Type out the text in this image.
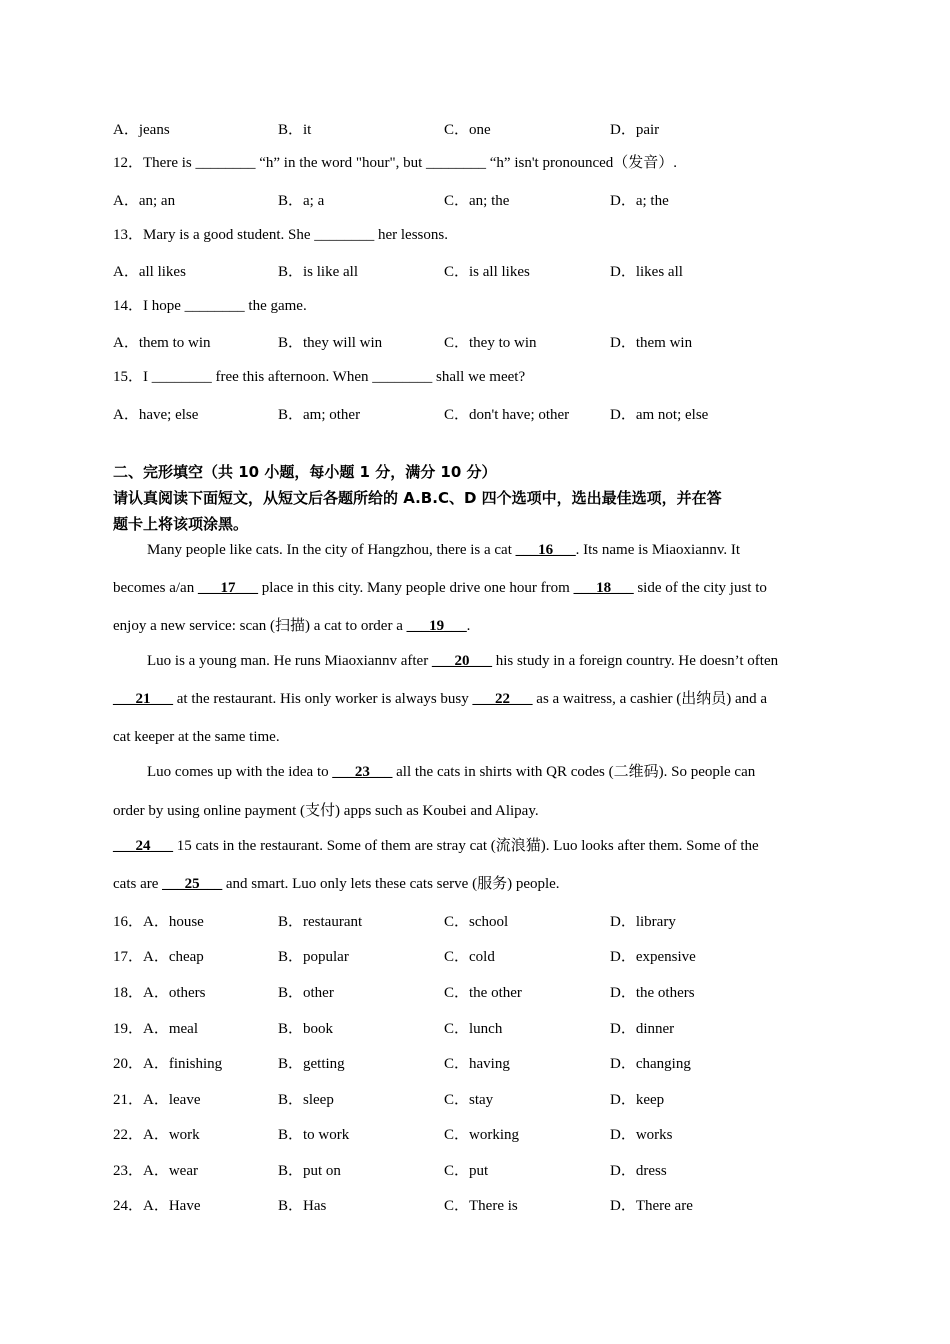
A．jeans	B．it	C．one	D．pair
12．There is ________ “h” in the word "hour", but ________ “h” isn't pronounced（发音）.
A．an; an	B．a; a	C．an; the	D．a; the
13．Mary is a good student. She ________ her lessons.
A．all likes	B．is like all	C．is all likes	D．likes all
14．I hope ________ the game.
A．them to win	B．they will win	C．they to win	D．them win
15．I ________ free this afternoon. When ________ shall we meet?
A．have; else	B．am; other	C．don't have; other	D．am not; else
二、完形填空（共 10 小题，每小题 1 分，满分 10 分）
请认真阅读下面短文，从短文后各题所给的 A.B.C、D 四个选项中，选出最佳选项，并在答
题卡上将该项涂黑。
Many people like cats. In the city of Hangzhou, there is a cat ___16___. Its name is Miaoxiannv. It
becomes a/an ___17___ place in this city. Many people drive one hour from ___18___ side of the city just to
enjoy a new service: scan (扫描) a cat to order a ___19___.
Luo is a young man. He runs Miaoxiannv after ___20___ his study in a foreign country. He doesn’t often
___21___ at the restaurant. His only worker is always busy ___22___ as a waitress, a cashier (出纳员) and a
cat keeper at the same time.
Luo comes up with the idea to ___23___ all the cats in shirts with QR codes (二维码). So people can
order by using online payment (支付) apps such as Koubei and Alipay.
___24___ 15 cats in the restaurant. Some of them are stray cat (流浪猫). Luo looks after them. Some of the
cats are ___25___ and smart. Luo only lets these cats serve (服务) people.
16．A．house	B．restaurant	C．school	D．library
17．A．cheap	B．popular	C．cold	D．expensive
18．A．others	B．other	C．the other	D．the others
19．A．meal	B．book	C．lunch	D．dinner
20．A．finishing	B．getting	C．having	D．changing
21．A．leave	B．sleep	C．stay	D．keep
22．A．work	B．to work	C．working	D．works
23．A．wear	B．put on	C．put	D．dress
24．A．Have	B．Has	C．There is	D．There are
